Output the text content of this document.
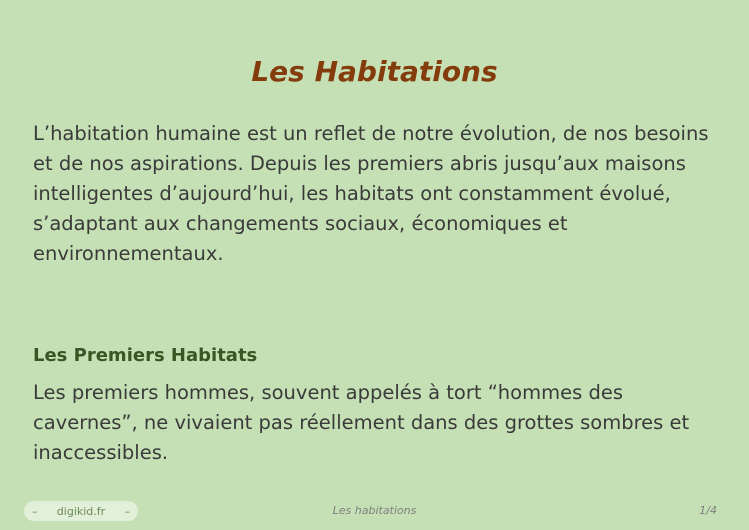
Les Habitations

L’habitation humaine est un reflet de notre évolution, de nos besoins et de nos aspirations. Depuis les premiers abris jusqu’aux maisons intelligentes d’aujourd’hui, les habitats ont constamment évolué, s’adaptant aux changements sociaux, économiques et environnementaux.

Les Premiers Habitats

Les premiers hommes, souvent appelés à tort “hommes des cavernes”, ne vivaient pas réellement dans des grottes sombres et inaccessibles.

– digikid.fr –	Les habitations	1/4
